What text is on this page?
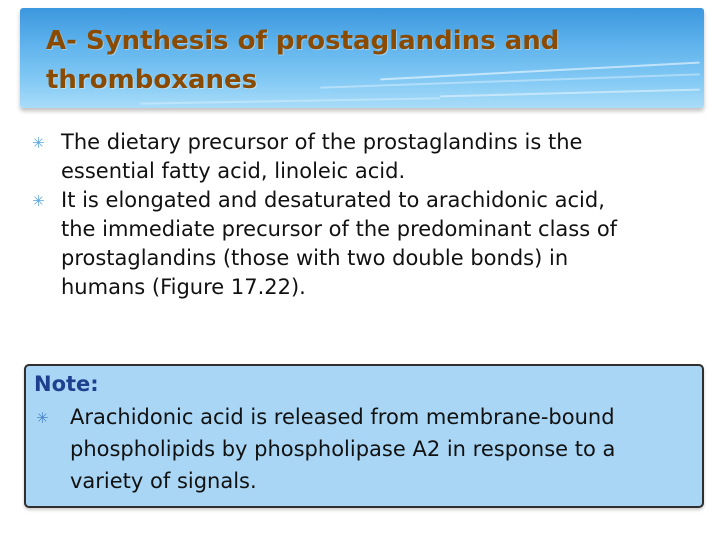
A- Synthesis of prostaglandins and
thromboxanes
✳ The dietary precursor of the prostaglandins is the
essential fatty acid, linoleic acid.
✳ It is elongated and desaturated to arachidonic acid,
the immediate precursor of the predominant class of
prostaglandins (those with two double bonds) in
humans (Figure 17.22).
Note:
✳ Arachidonic acid is released from membrane-bound
phospholipids by phospholipase A2 in response to a
variety of signals.
